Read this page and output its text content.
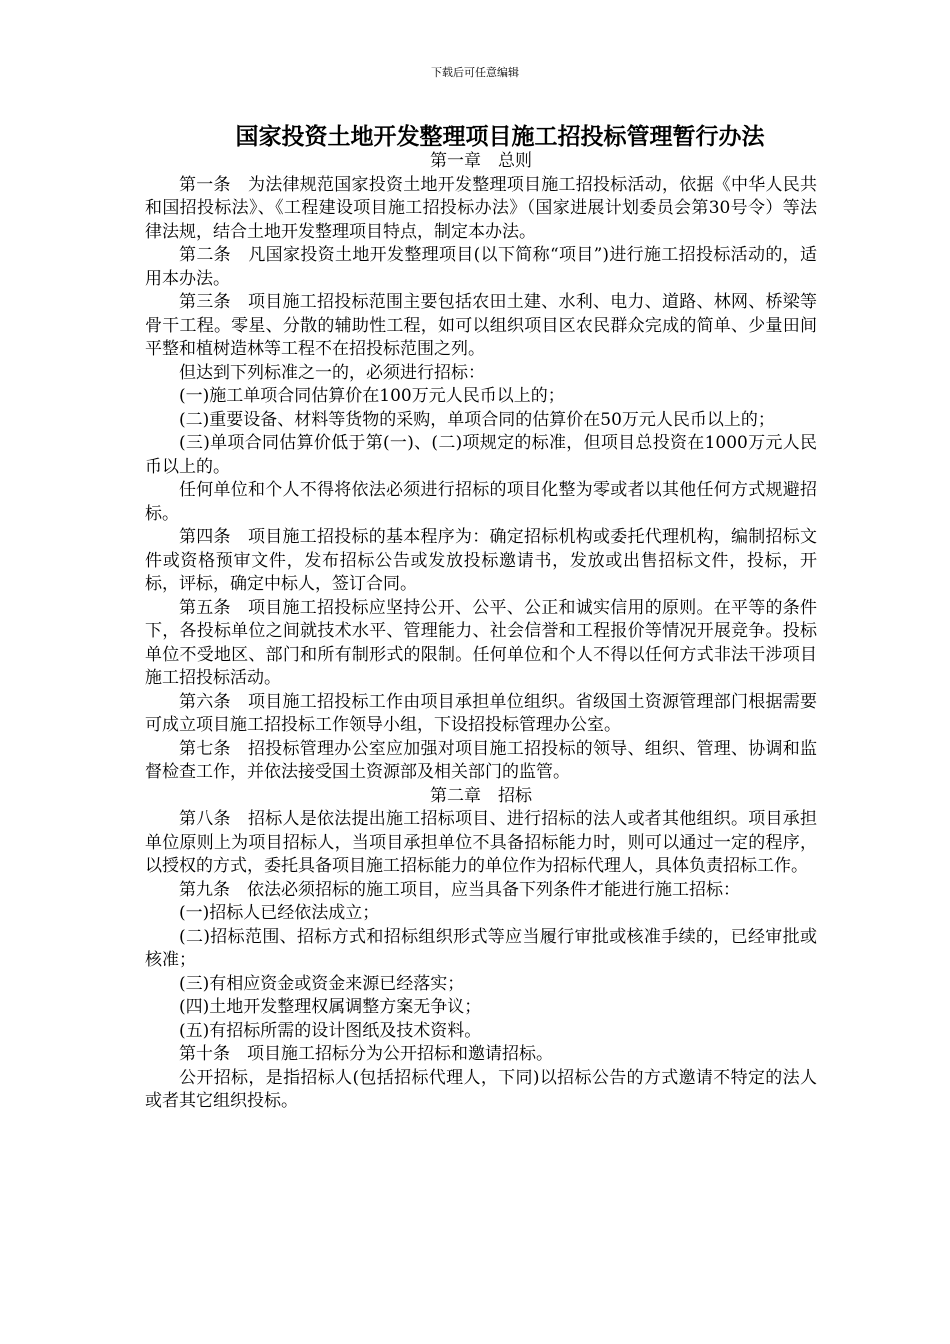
下载后可任意编辑
国家投资土地开发整理项目施工招投标管理暂行办法

第一章 总则

第一条　为法律规范国家投资土地开发整理项目施工招投标活动，依据《中华人民共和国招投标法》、《工程建设项目施工招投标办法》（国家进展计划委员会第30号令）等法律法规，结合土地开发整理项目特点，制定本办法。

第二条　凡国家投资土地开发整理项目(以下简称“项目”)进行施工招投标活动的，适用本办法。

第三条　项目施工招投标范围主要包括农田土建、水利、电力、道路、林网、桥梁等骨干工程。零星、分散的辅助性工程，如可以组织项目区农民群众完成的简单、少量田间平整和植树造林等工程不在招投标范围之列。

但达到下列标准之一的，必须进行招标：

(一)施工单项合同估算价在100万元人民币以上的；

(二)重要设备、材料等货物的采购，单项合同的估算价在50万元人民币以上的；

(三)单项合同估算价低于第(一)、(二)项规定的标准，但项目总投资在1000万元人民币以上的。

任何单位和个人不得将依法必须进行招标的项目化整为零或者以其他任何方式规避招标。

第四条　项目施工招投标的基本程序为：确定招标机构或委托代理机构，编制招标文件或资格预审文件，发布招标公告或发放投标邀请书，发放或出售招标文件，投标，开标，评标，确定中标人，签订合同。

第五条　项目施工招投标应坚持公开、公平、公正和诚实信用的原则。在平等的条件下，各投标单位之间就技术水平、管理能力、社会信誉和工程报价等情况开展竞争。投标单位不受地区、部门和所有制形式的限制。任何单位和个人不得以任何方式非法干涉项目施工招投标活动。

第六条　项目施工招投标工作由项目承担单位组织。省级国土资源管理部门根据需要可成立项目施工招投标工作领导小组，下设招投标管理办公室。

第七条　招投标管理办公室应加强对项目施工招投标的领导、组织、管理、协调和监督检查工作，并依法接受国土资源部及相关部门的监管。

第二章 招标

第八条　招标人是依法提出施工招标项目、进行招标的法人或者其他组织。项目承担单位原则上为项目招标人，当项目承担单位不具备招标能力时，则可以通过一定的程序，以授权的方式，委托具备项目施工招标能力的单位作为招标代理人，具体负责招标工作。

第九条　依法必须招标的施工项目，应当具备下列条件才能进行施工招标：

(一)招标人已经依法成立；

(二)招标范围、招标方式和招标组织形式等应当履行审批或核准手续的，已经审批或核准；

(三)有相应资金或资金来源已经落实；

(四)土地开发整理权属调整方案无争议；

(五)有招标所需的设计图纸及技术资料。

第十条　项目施工招标分为公开招标和邀请招标。

公开招标，是指招标人(包括招标代理人，下同)以招标公告的方式邀请不特定的法人或者其它组织投标。
